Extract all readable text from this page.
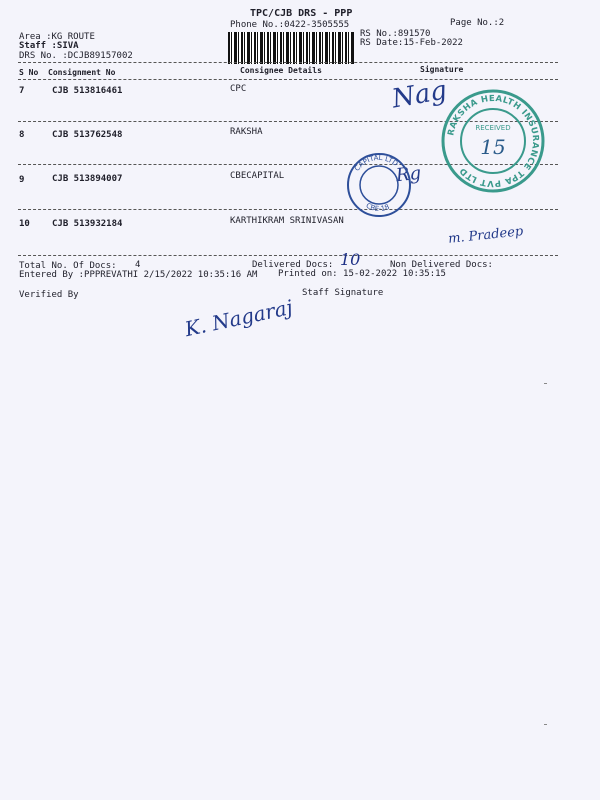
TPC/CJB DRS - PPP
Phone No.:0422-3505555	Page No.:2
Area :KG ROUTE
Staff :SIVA
DRS No. :DCJB89157002
RS No.:891570
RS Date:15-Feb-2022
S No Consignment No	Consignee Details	Signature
7	CJB 513816461	CPC
8	CJB 513762548	RAKSHA
9	CJB 513894007	CBECAPITAL
10 CJB 513932184	KARTHIKRAM SRINIVASAN
Total No. Of Docs: 4	Delivered Docs: 10	Non Delivered Docs:
Entered By :PPPREVATHI 2/15/2022 10:35:16 AM Printed on: 15-02-2022 10:35:15
Verified By	Staff Signature
Nag
Rg
m. Pradeep
K. Nagaraj
RAKSHA HEALTH INSURANCE TPA PVT LTD
RECEIVED
15
CAPITAL LTD
CBE-18
